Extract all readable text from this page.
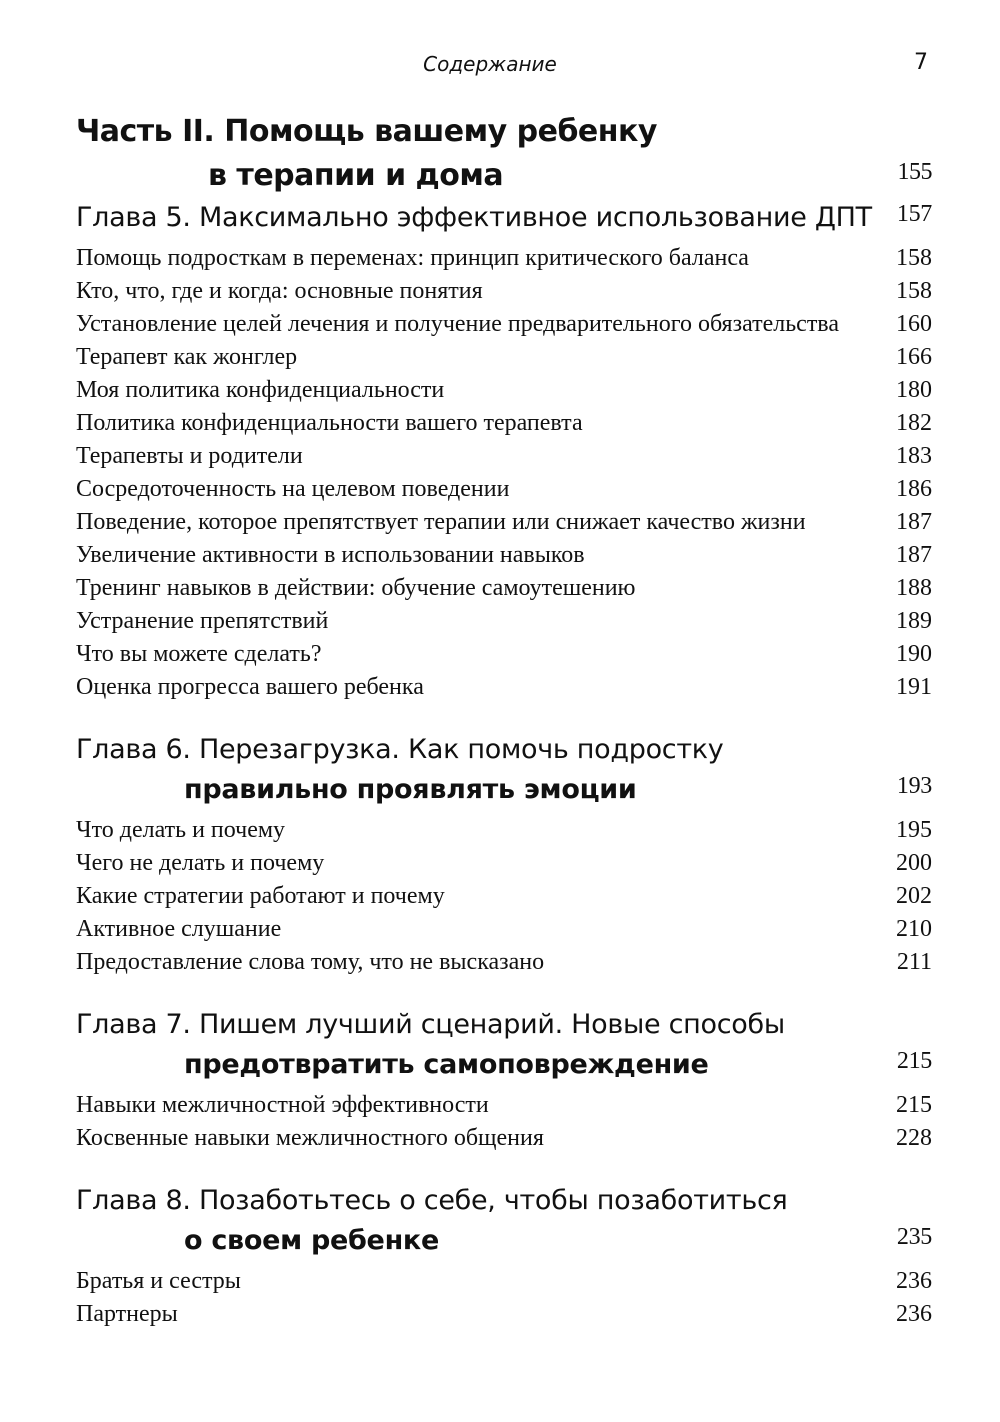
Содержание	7
Часть II. Помощь вашему ребенку
в терапии и дома	155
Глава 5. Максимально эффективное использование ДПТ	157
Помощь подросткам в переменах: принцип критического баланса	158
Кто, что, где и когда: основные понятия	158
Установление целей лечения и получение предварительного обязательства	160
Терапевт как жонглер	166
Моя политика конфиденциальности	180
Политика конфиденциальности вашего терапевта	182
Терапевты и родители	183
Сосредоточенность на целевом поведении	186
Поведение, которое препятствует терапии или снижает качество жизни	187
Увеличение активности в использовании навыков	187
Тренинг навыков в действии: обучение самоутешению	188
Устранение препятствий	189
Что вы можете сделать?	190
Оценка прогресса вашего ребенка	191
Глава 6. Перезагрузка. Как помочь подростку
правильно проявлять эмоции	193
Что делать и почему	195
Чего не делать и почему	200
Какие стратегии работают и почему	202
Активное слушание	210
Предоставление слова тому, что не высказано	211
Глава 7. Пишем лучший сценарий. Новые способы
предотвратить самоповреждение	215
Навыки межличностной эффективности	215
Косвенные навыки межличностного общения	228
Глава 8. Позаботьтесь о себе, чтобы позаботиться
о своем ребенке	235
Братья и сестры	236
Партнеры	236
